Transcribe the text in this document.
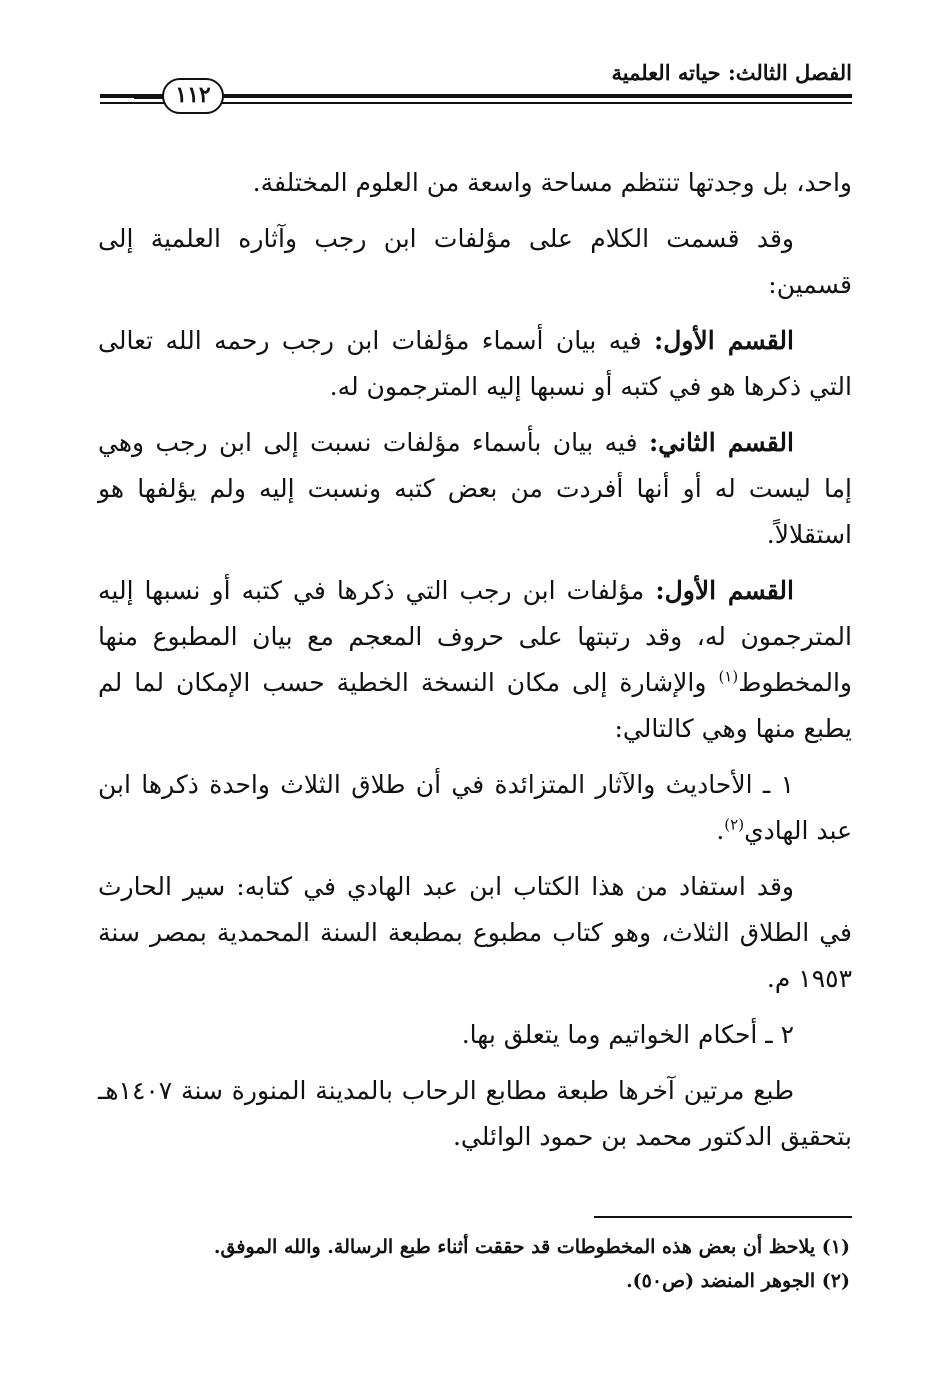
الفصل الثالث: حياته العلمية
١١٢

واحد، بل وجدتها تنتظم مساحة واسعة من العلوم المختلفة.

وقد قسمت الكلام على مؤلفات ابن رجب وآثاره العلمية إلى قسمين:

القسم الأول: فيه بيان أسماء مؤلفات ابن رجب رحمه الله تعالى التي ذكرها هو في كتبه أو نسبها إليه المترجمون له.

القسم الثاني: فيه بيان بأسماء مؤلفات نسبت إلى ابن رجب وهي إما ليست له أو أنها أفردت من بعض كتبه ونسبت إليه ولم يؤلفها هو استقلالاً.

القسم الأول: مؤلفات ابن رجب التي ذكرها في كتبه أو نسبها إليه المترجمون له، وقد رتبتها على حروف المعجم مع بيان المطبوع منها والمخطوط$^{(١)}$ والإشارة إلى مكان النسخة الخطية حسب الإمكان لما لم يطبع منها وهي كالتالي:

١ ـ الأحاديث والآثار المتزائدة في أن طلاق الثلاث واحدة ذكرها ابن عبد الهادي$^{(٢)}$.

وقد استفاد من هذا الكتاب ابن عبد الهادي في كتابه: سير الحارث في الطلاق الثلاث، وهو كتاب مطبوع بمطبعة السنة المحمدية بمصر سنة ١٩٥٣ م.

٢ ـ أحكام الخواتيم وما يتعلق بها.

طبع مرتين آخرها طبعة مطابع الرحاب بالمدينة المنورة سنة ١٤٠٧هـ بتحقيق الدكتور محمد بن حمود الوائلي.

(١) يلاحظ أن بعض هذه المخطوطات قد حققت أثناء طبع الرسالة. والله الموفق.

(٢) الجوهر المنضد (ص٥٠).
